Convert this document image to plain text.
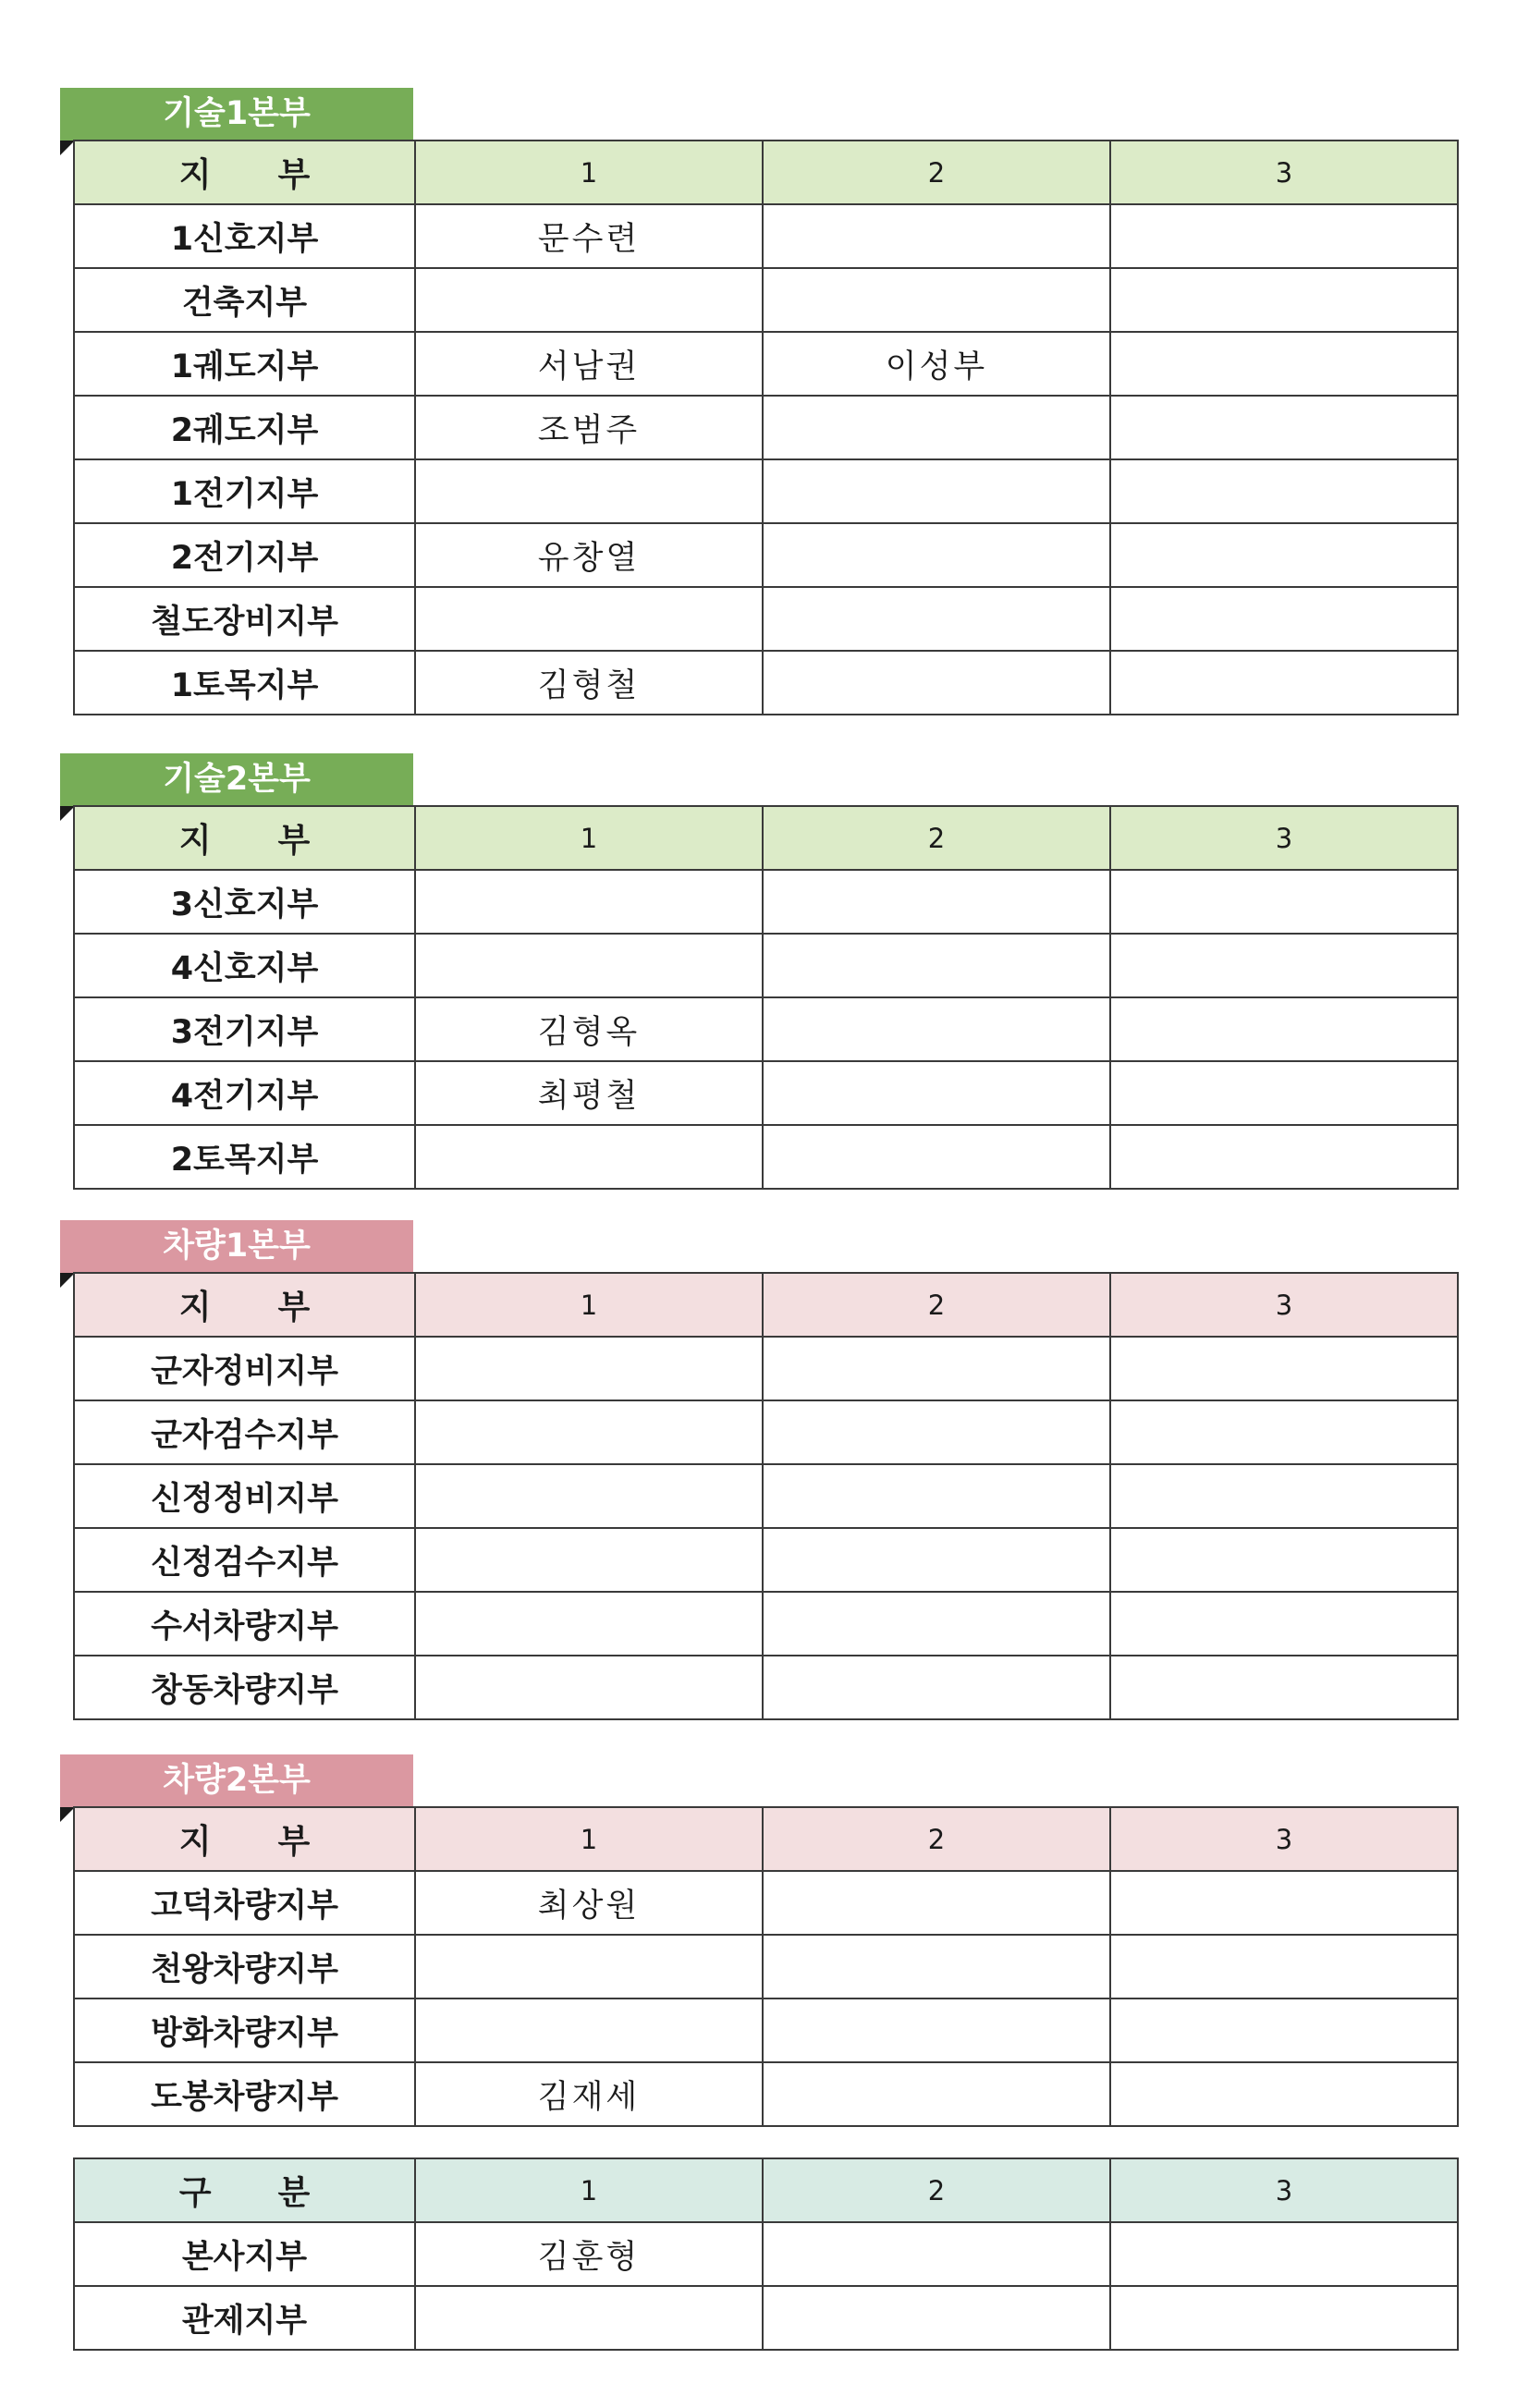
기술1본부
지　　부	1	2	3
1신호지부	문수련		
건축지부			
1궤도지부	서남권	이성부	
2궤도지부	조범주		
1전기지부			
2전기지부	유창열		
철도장비지부			
1토목지부	김형철		
기술2본부
지　　부	1	2	3
3신호지부			
4신호지부			
3전기지부	김형옥		
4전기지부	최평철		
2토목지부			
차량1본부
지　　부	1	2	3
군자정비지부			
군자검수지부			
신정정비지부			
신정검수지부			
수서차량지부			
창동차량지부			
차량2본부
지　　부	1	2	3
고덕차량지부	최상원		
천왕차량지부			
방화차량지부			
도봉차량지부	김재세		
구　　분	1	2	3
본사지부	김훈형		
관제지부			
